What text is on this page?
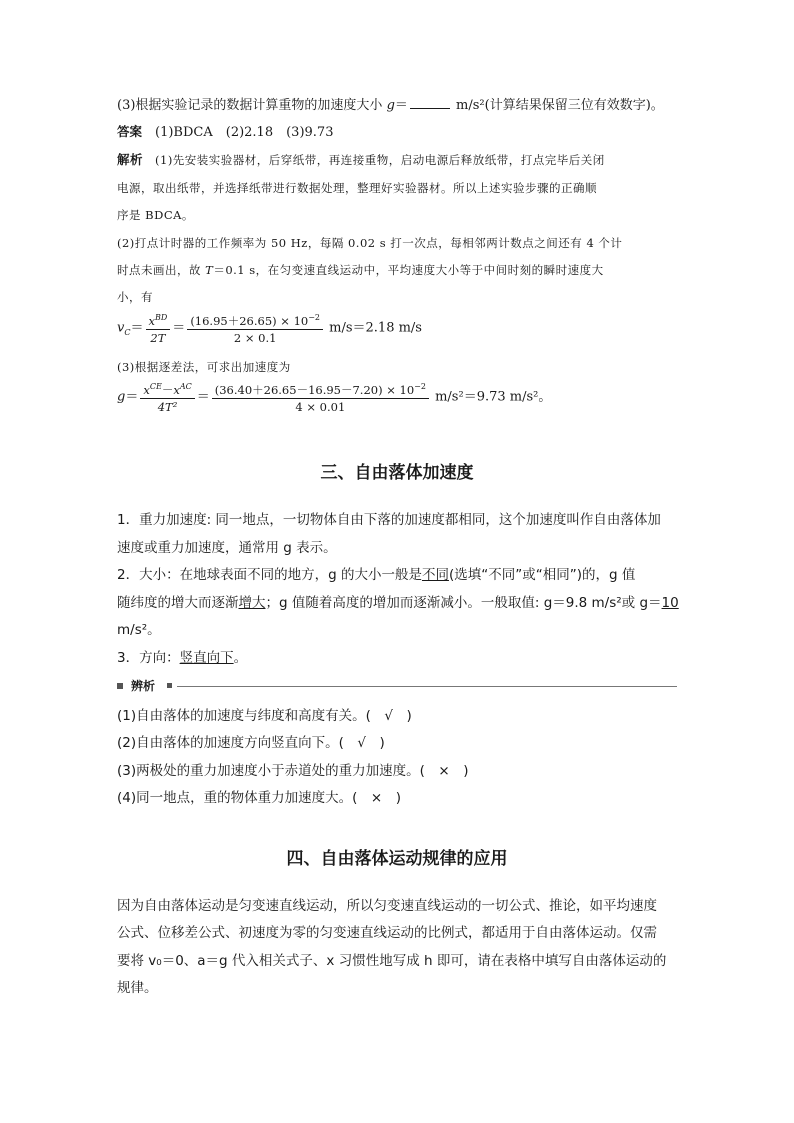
(3)根据实验记录的数据计算重物的加速度大小 g＝	m/s²(计算结果保留三位有效数字)。
答案　(1)BDCA　(2)2.18　(3)9.73
解析　(1)先安装实验器材，后穿纸带，再连接重物，启动电源后释放纸带，打点完毕后关闭
电源，取出纸带，并选择纸带进行数据处理，整理好实验器材。所以上述实验步骤的正确顺
序是 BDCA。
(2)打点计时器的工作频率为 50 Hz，每隔 0.02 s 打一次点，每相邻两计数点之间还有 4 个计
时点未画出，故 T＝0.1 s，在匀变速直线运动中，平均速度大小等于中间时刻的瞬时速度大
小，有
$v_C= \frac{x^{BD}}{2T} = \frac{(16.95+26.65) \times 10^{-2}}{2 \times 0.1} m/s=2.18$ m/s
(3)根据逐差法，可求出加速度为
$g= \frac{x^{CE}-x^{AC}}{\text{4T²}} = \frac{(36.40+26.65-16.95-7.20) \times 10^{-2}}{4 \times 0.01} m/s^2=9.73$ m/s²。
三、自由落体加速度
1．重力加速度: 同一地点，一切物体自由下落的加速度都相同，这个加速度叫作自由落体加
速度或重力加速度，通常用 g 表示。
2．大小：在地球表面不同的地方，g 的大小一般是不同(选填“不同”或“相同”)的，g 值
随纬度的增大而逐渐增大；g 值随着高度的增加而逐渐减小。一般取值: g＝9.8 m/s²或 g＝10
m/s²。
3．方向：竖直向下。
辨析
(1)自由落体的加速度与纬度和高度有关。(　√　)
(2)自由落体的加速度方向竖直向下。(　√　)
(3)两极处的重力加速度小于赤道处的重力加速度。(　×　)
(4)同一地点，重的物体重力加速度大。(　×　)
四、自由落体运动规律的应用
因为自由落体运动是匀变速直线运动，所以匀变速直线运动的一切公式、推论，如平均速度
公式、位移差公式、初速度为零的匀变速直线运动的比例式，都适用于自由落体运动。仅需
要将 v₀＝0、a＝g 代入相关式子、x 习惯性地写成 h 即可，请在表格中填写自由落体运动的
规律。
